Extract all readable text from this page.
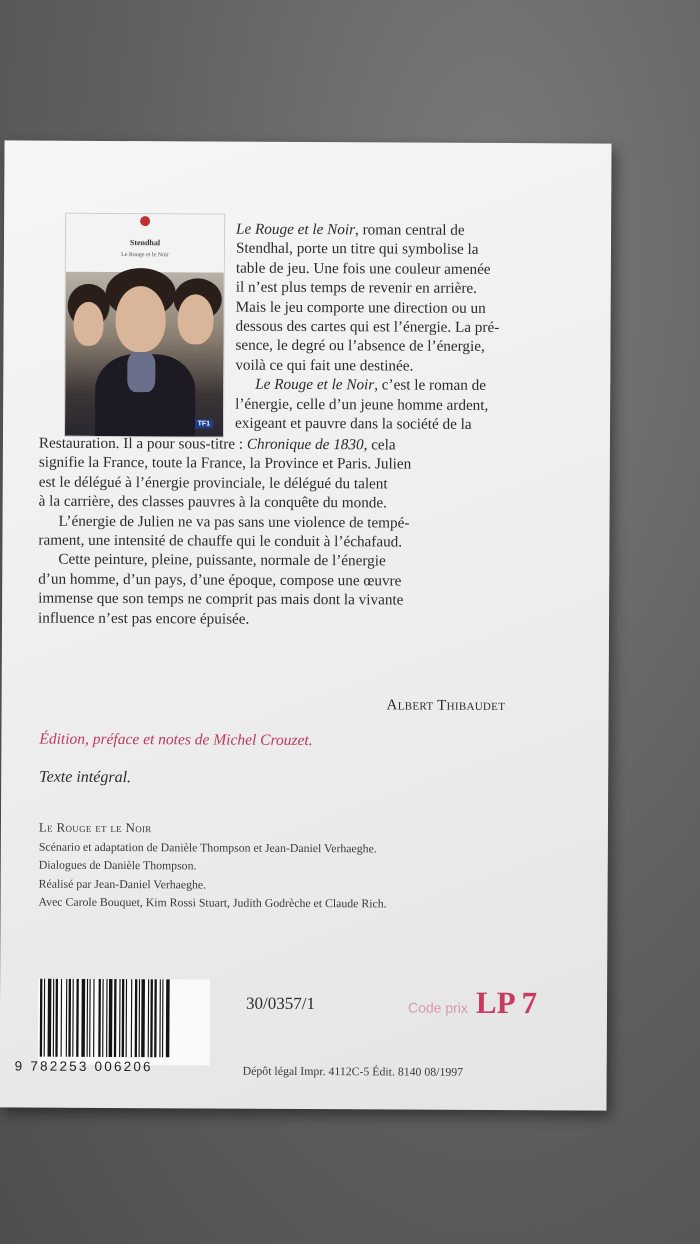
Stendhal
Le Rouge et le Noir
TF1
Le Rouge et le Noir, roman central de
Stendhal, porte un titre qui symbolise la
table de jeu. Une fois une couleur amenée
il n’est plus temps de revenir en arrière.
Mais le jeu comporte une direction ou un
dessous des cartes qui est l’énergie. La pré-
sence, le degré ou l’absence de l’énergie,
voilà ce qui fait une destinée.
Le Rouge et le Noir, c’est le roman de
l’énergie, celle d’un jeune homme ardent,
exigeant et pauvre dans la société de la
Restauration. Il a pour sous-titre : Chronique de 1830, cela
signifie la France, toute la France, la Province et Paris. Julien
est le délégué à l’énergie provinciale, le délégué du talent
à la carrière, des classes pauvres à la conquête du monde.
L’énergie de Julien ne va pas sans une violence de tempé-
rament, une intensité de chauffe qui le conduit à l’échafaud.
Cette peinture, pleine, puissante, normale de l’énergie
d’un homme, d’un pays, d’une époque, compose une œuvre
immense que son temps ne comprit pas mais dont la vivante
influence n’est pas encore épuisée.
Albert Thibaudet
Édition, préface et notes de Michel Crouzet.
Texte intégral.
Le Rouge et le Noir
Scénario et adaptation de Danièle Thompson et Jean-Daniel Verhaeghe.
Dialogues de Danièle Thompson.
Réalisé par Jean-Daniel Verhaeghe.
Avec Carole Bouquet, Kim Rossi Stuart, Judith Godrèche et Claude Rich.
9 782253 006206
30/0357/1	Code prix LP 7
Dépôt légal Impr. 4112C-5 Édit. 8140 08/1997
